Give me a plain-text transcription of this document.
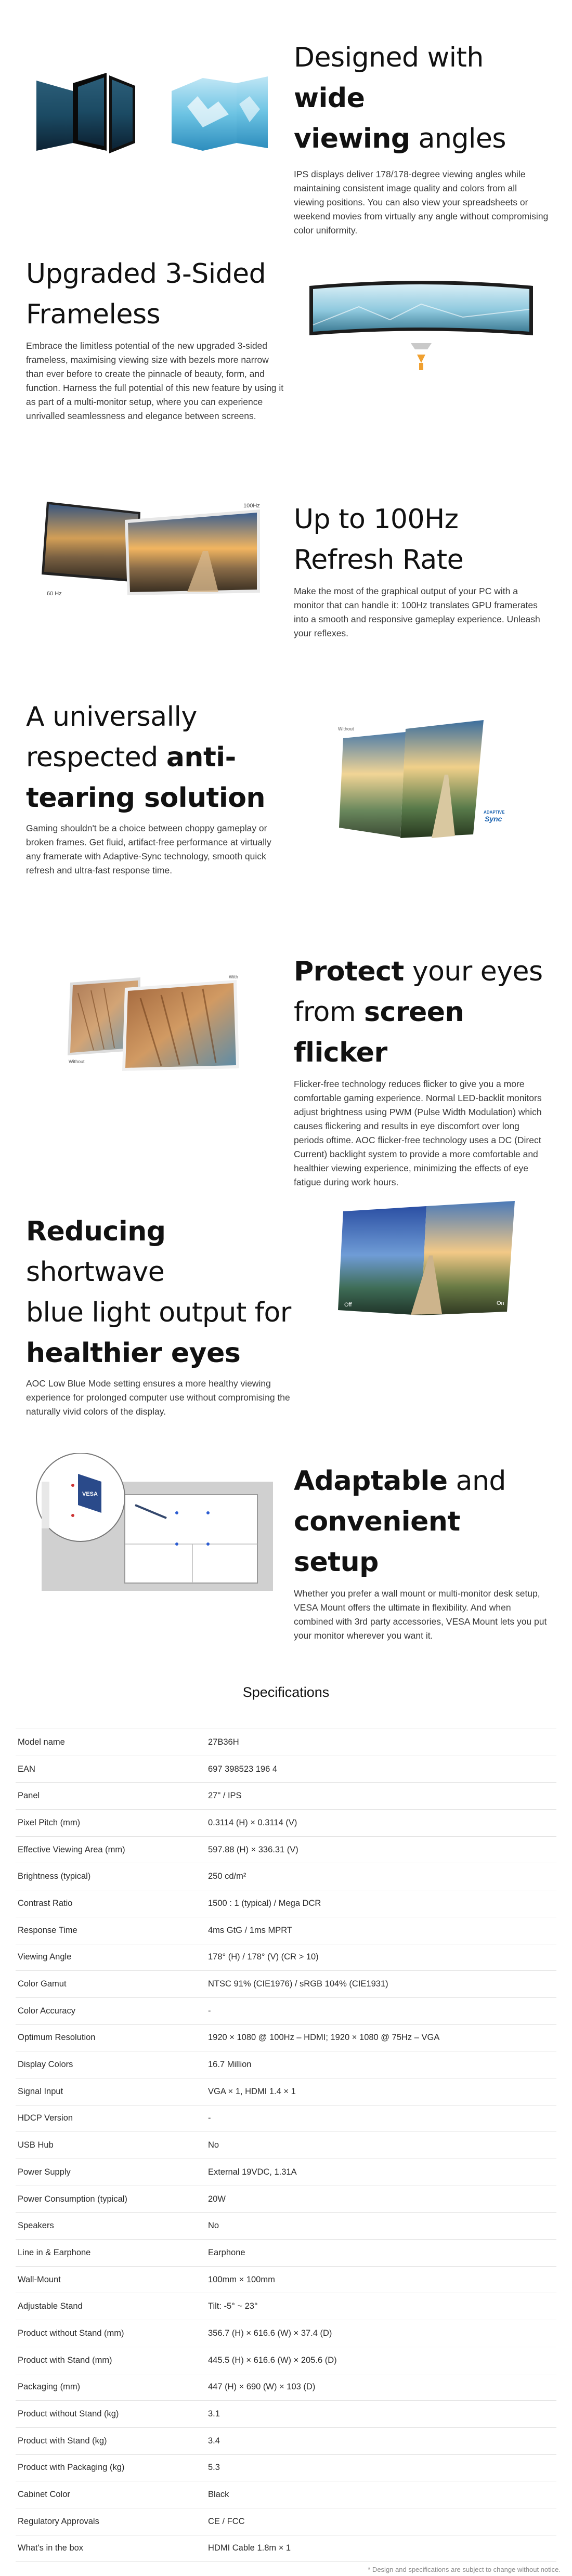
Designed with wide
viewing angles

IPS displays deliver 178/178-degree viewing angles while maintaining consistent image quality and colors from all viewing positions. You can also view your spreadsheets or weekend movies from virtually any angle without compromising color uniformity.

Upgraded 3-Sided
Frameless

Embrace the limitless potential of the new upgraded 3-sided frameless, maximising viewing size with bezels more narrow than ever before to create the pinnacle of beauty, form, and function. Harness the full potential of this new feature by using it as part of a multi-monitor setup, where you can experience unrivalled seamlessness and elegance between screens.

100Hz
60 Hz
Up to 100Hz
Refresh Rate

Make the most of the graphical output of your PC with a monitor that can handle it: 100Hz translates GPU framerates into a smooth and responsive gameplay experience. Unleash your reflexes.

A universally
respected anti-
tearing solution

Gaming shouldn't be a choice between choppy gameplay or broken frames. Get fluid, artifact-free performance at virtually any framerate with Adaptive-Sync technology, smooth quick refresh and ultra-fast response time.

Without
ADAPTIVE
Sync
With
Without
Protect your eyes
from screen flicker

Flicker-free technology reduces flicker to give you a more comfortable gaming experience. Normal LED-backlit monitors adjust brightness using PWM (Pulse Width Modulation) which causes flickering and results in eye discomfort over long periods oftime. AOC flicker-free technology uses a DC (Direct Current) backlight system to provide a more comfortable and healthier viewing experience, minimizing the effects of eye fatigue during work hours.

Reducing shortwave
blue light output for
healthier eyes

AOC Low Blue Mode setting ensures a more healthy viewing experience for prolonged computer use without compromising the naturally vivid colors of the display.

Off	On
VESA	Adaptable and
convenient setup

Whether you prefer a wall mount or multi-monitor desk setup, VESA Mount offers the ultimate in flexibility. And when combined with 3rd party accessories, VESA Mount lets you put your monitor wherever you want it.

Specifications
Model name	27B36H
EAN	697 398523 196 4
Panel	27" / IPS
Pixel Pitch (mm)	0.3114 (H) × 0.3114 (V)
Effective Viewing Area (mm)	597.88 (H) × 336.31 (V)
Brightness (typical)	250 cd/m²
Contrast Ratio	1500 : 1 (typical) / Mega DCR
Response Time	4ms GtG / 1ms MPRT
Viewing Angle	178° (H) / 178° (V) (CR > 10)
Color Gamut	NTSC 91% (CIE1976) / sRGB 104% (CIE1931)
Color Accuracy	-
Optimum Resolution	1920 × 1080 @ 100Hz – HDMI; 1920 × 1080 @ 75Hz – VGA
Display Colors	16.7 Million
Signal Input	VGA × 1, HDMI 1.4 × 1
HDCP Version	-
USB Hub	No
Power Supply	External 19VDC, 1.31A
Power Consumption (typical)	20W
Speakers	No
Line in & Earphone	Earphone
Wall-Mount	100mm × 100mm
Adjustable Stand	Tilt: -5° ~ 23°
Product without Stand (mm)	356.7 (H) × 616.6 (W) × 37.4 (D)
Product with Stand (mm)	445.5 (H) × 616.6 (W) × 205.6 (D)
Packaging (mm)	447 (H) × 690 (W) × 103 (D)
Product without Stand (kg)	3.1
Product with Stand (kg)	3.4
Product with Packaging (kg)	5.3
Cabinet Color	Black
Regulatory Approvals	CE / FCC
What's in the box	HDMI Cable 1.8m × 1
* Design and specifications are subject to change without notice.
